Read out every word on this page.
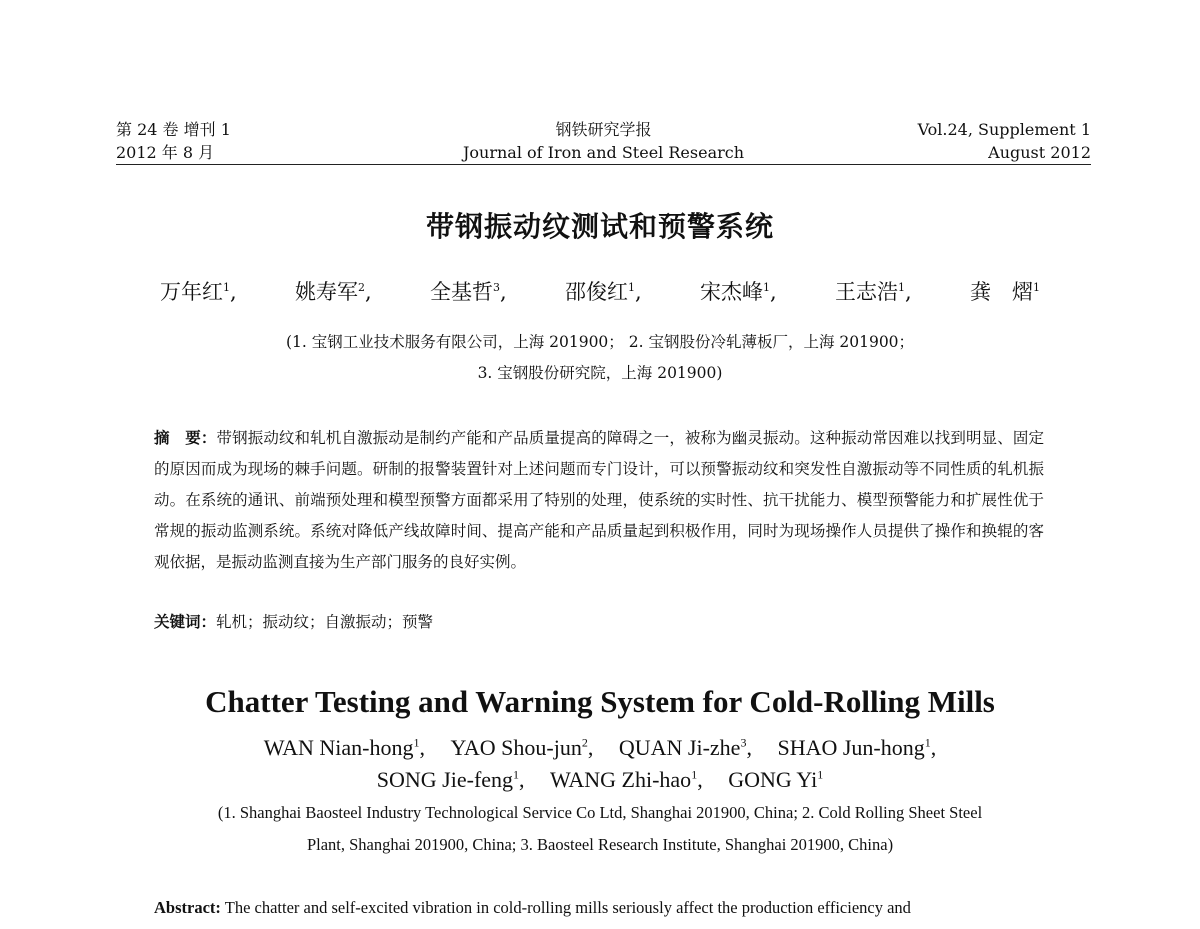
第 24 卷 增刊 1
2012 年 8 月
钢铁研究学报
Journal of Iron and Steel Research
Vol.24, Supplement 1
August 2012
带钢振动纹测试和预警系统
万年红$^1$,	姚寿军$^2$,	全基哲$^3$,	邵俊红$^1$,	宋杰峰$^1$,	王志浩$^1$,	龚　熠$^1$
(1. 宝钢工业技术服务有限公司，上海 201900； 2. 宝钢股份冷轧薄板厂，上海 201900；
3. 宝钢股份研究院，上海 201900)
摘　要：带钢振动纹和轧机自激振动是制约产能和产品质量提高的障碍之一，被称为幽灵振动。这种振动常因难以找到明显、固定的原因而成为现场的棘手问题。研制的报警装置针对上述问题而专门设计，可以预警振动纹和突发性自激振动等不同性质的轧机振动。在系统的通讯、前端预处理和模型预警方面都采用了特别的处理，使系统的实时性、抗干扰能力、模型预警能力和扩展性优于常规的振动监测系统。系统对降低产线故障时间、提高产能和产品质量起到积极作用，同时为现场操作人员提供了操作和换辊的客观依据，是振动监测直接为生产部门服务的良好实例。
关键词：轧机；振动纹；自激振动；预警
Chatter Testing and Warning System for Cold-Rolling Mills
WAN Nian-hong$^1$, YAO Shou-jun$^2$, QUAN Ji-zhe$^3$, SHAO Jun-hong$^1$,
SONG Jie-feng$^1$, WANG Zhi-hao$^1$, GONG Yi$^1$
(1. Shanghai Baosteel Industry Technological Service Co Ltd, Shanghai 201900, China; 2. Cold Rolling Sheet Steel
Plant, Shanghai 201900, China; 3. Baosteel Research Institute, Shanghai 201900, China)
Abstract: The chatter and self-excited vibration in cold-rolling mills seriously affect the production efficiency and
